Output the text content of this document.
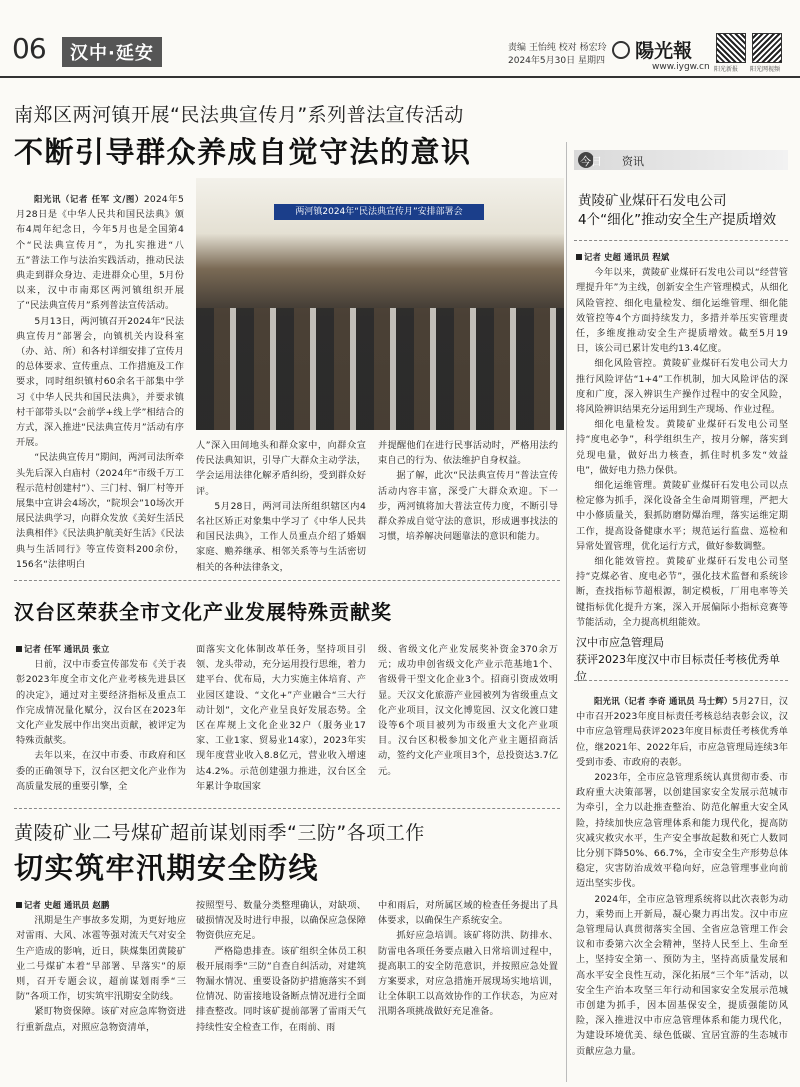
06	汉中·延安	责编 王怡纯 校对 杨宏玲
2024年5月30日 星期四	陽光報
www.iygw.cn 阳光新报 阳光网视频
南郑区两河镇开展“民法典宣传月”系列普法宣传活动
不断引导群众养成自觉守法的意识
两河镇2024年“民法典宣传月”安排部署会

阳光讯（记者 任军 文/图）2024年5月28日是《中华人民共和国民法典》颁布4周年纪念日，今年5月也是全国第4个“民法典宣传月”，为扎实推进“八五”普法工作与法治实践活动，推动民法典走到群众身边、走进群众心里，5月份以来，汉中市南郑区两河镇组织开展了“民法典宣传月”系列普法宣传活动。

5月13日，两河镇召开2024年“民法典宣传月”部署会，向镇机关内设科室（办、站、所）和各村详细安排了宣传月的总体要求、宣传重点、工作措施及工作要求，同时组织镇村60余名干部集中学习《中华人民共和国民法典》，并要求镇村干部带头以“会前学+线上学”相结合的方式，深入推进“民法典宣传月”活动有序开展。

“民法典宣传月”期间，两河司法所牵头先后深入白庙村（2024年“市级千万工程示范村创建村”）、三门村、铜厂村等开展集中宣讲会4场次，“院坝会”10场次开展民法典学习，向群众发放《美好生活民法典相伴》《民法典护航美好生活》《民法典与生活同行》等宣传资料200余份，156名“法律明白

人”深入田间地头和群众家中，向群众宣传民法典知识，引导广大群众主动学法，学会运用法律化解矛盾纠纷，受到群众好评。

5月28日，两河司法所组织辖区内4名社区矫正对象集中学习了《中华人民共和国民法典》，工作人员重点介绍了婚姻家庭、赡养继承、相邻关系等与生活密切相关的各种法律条文，

并提醒他们在进行民事活动时，严格用法约束自己的行为、依法维护自身权益。

据了解，此次“民法典宣传月”普法宣传活动内容丰富，深受广大群众欢迎。下一步，两河镇将加大普法宣传力度，不断引导群众养成自觉守法的意识，形成遇事找法的习惯，培养解决问题靠法的意识和能力。

汉台区荣获全市文化产业发展特殊贡献奖

记者 任军 通讯员 张立

日前，汉中市委宣传部发布《关于表彰2023年度全市文化产业考核先进县区的决定》，通过对主要经济指标及重点工作完成情况量化赋分，汉台区在2023年文化产业发展中作出突出贡献，被评定为特殊贡献奖。

去年以来，在汉中市委、市政府和区委的正确领导下，汉台区把文化产业作为高质量发展的重要引擎，全

面落实文化体制改革任务，坚持项目引领、龙头带动，充分运用投行思维，着力建平台、优布局，大力实施主体培育、产业园区建设、“文化+”产业融合“三大行动计划”，文化产业呈良好发展态势。全区在库规上文化企业32户（服务业17家、工业1家、贸易业14家），2023年实现年度营业收入8.8亿元，营业收入增速达4.2%。示范创建强力推进，汉台区全年累计争取国家

级、省级文化产业发展奖补资金370余万元；成功申创省级文化产业示范基地1个、省级骨干型文化企业3个。招商引资成效明显。天汉文化旅游产业园被列为省级重点文化产业项目，汉文化博览园、汉文化渡口建设等6个项目被列为市级重大文化产业项目。汉台区积极参加文化产业主题招商活动，签约文化产业项目3个，总投资达3.7亿元。

黄陵矿业二号煤矿超前谋划雨季“三防”各项工作
切实筑牢汛期安全防线

记者 史超 通讯员 赵鹏

汛期是生产事故多发期，为更好地应对雷雨、大风、冰雹等强对流天气对安全生产造成的影响，近日，陕煤集团黄陵矿业二号煤矿本着“早部署、早落实”的原则，召开专题会议，超前谋划雨季“三防”各项工作，切实筑牢汛期安全防线。

紧盯物资保障。该矿对应急库物资进行重新盘点，对照应急物资清单，

按照型号、数量分类整理确认，对缺项、破损情况及时进行申报，以确保应急保障物资供应充足。

严格隐患排查。该矿组织全体员工积极开展雨季“三防”自查自纠活动，对建筑物漏水情况、重要设备防护措施落实不到位情况、防雷接地设备断点情况进行全面排查整改。同时该矿提前部署了雷雨天气持续性安全检查工作，在雨前、雨

中和雨后，对所属区域的检查任务提出了具体要求，以确保生产系统安全。

抓好应急培训。该矿将防洪、防排水、防雷电各项任务要点融入日常培训过程中，提高职工的安全防范意识，并按照应急处置方案要求，对应急措施开展现场实地培训，让全体职工以高效协作的工作状态，为应对汛期各项挑战做好充足准备。

今日 资讯
黄陵矿业煤矸石发电公司
4个“细化”推动安全生产提质增效

记者 史超 通讯员 程斌

今年以来，黄陵矿业煤矸石发电公司以“经营管理提升年”为主线，创新安全生产管理模式，从细化风险管控、细化电量检发、细化运维管理、细化能效管控等4个方面持续发力，多措并举压实管理责任，多维度推动安全生产提质增效。截至5月19日，该公司已累计发电约13.4亿度。

细化风险管控。黄陵矿业煤矸石发电公司大力推行风险评估“1+4”工作机制，加大风险评估的深度和广度，深入辨识生产操作过程中的安全风险，将风险辨识结果充分运用到生产现场、作业过程。

细化电量检发。黄陵矿业煤矸石发电公司坚持“度电必争”，科学组织生产，按月分解，落实到兑现电量，做好出力核查，抓住时机多发“效益电”，做好电力热力保供。

细化运维管理。黄陵矿业煤矸石发电公司以点检定修为抓手，深化设备全生命周期管理，严把大中小修质量关，狠抓防磨防爆治理，落实运维定期工作，提高设备健康水平；规范运行监盘、巡检和异常处置管理，优化运行方式，做好参数调整。

细化能效管控。黄陵矿业煤矸石发电公司坚持“克煤必省、度电必节”，强化技术监督和系统诊断，查找指标节超根源，制定模板，厂用电率等关键指标优化提升方案，深入开展偏际小指标竞赛等节能活动，全力提高机组能效。

汉中市应急管理局
获评2023年度汉中市目标责任考核优秀单位

阳光讯（记者 李奇 通讯员 马士辉）5月27日，汉中市召开2023年度目标责任考核总结表彰会议，汉中市应急管理局获评2023年度目标责任考核优秀单位，继2021年、2022年后，市应急管理局连续3年受到市委、市政府的表彰。

2023年，全市应急管理系统认真贯彻市委、市政府重大决策部署，以创建国家安全发展示范城市为牵引，全力以赴推查整治、防范化解重大安全风险，持续加快应急管理体系和能力现代化，提高防灾减灾救灾水平，生产安全事故起数和死亡人数同比分别下降50%、66.7%，全市安全生产形势总体稳定，灾害防治成效平稳向好，应急管理事业向前迈出坚实步伐。

2024年，全市应急管理系统将以此次表彰为动力，乘势而上开新局，凝心聚力再出发。汉中市应急管理局认真贯彻落实全国、全省应急管理工作会议和市委第六次全会精神，坚持人民至上、生命至上，坚持安全第一、预防为主，坚持高质量发展和高水平安全良性互动，深化拓展“三个年”活动，以安全生产治本攻坚三年行动和国家安全发展示范城市创建为抓手，因本固基保安全，提质强能防风险，深入推进汉中市应急管理体系和能力现代化，为建设环境优美、绿色低碳、宜居宜游的生态城市贡献应急力量。
